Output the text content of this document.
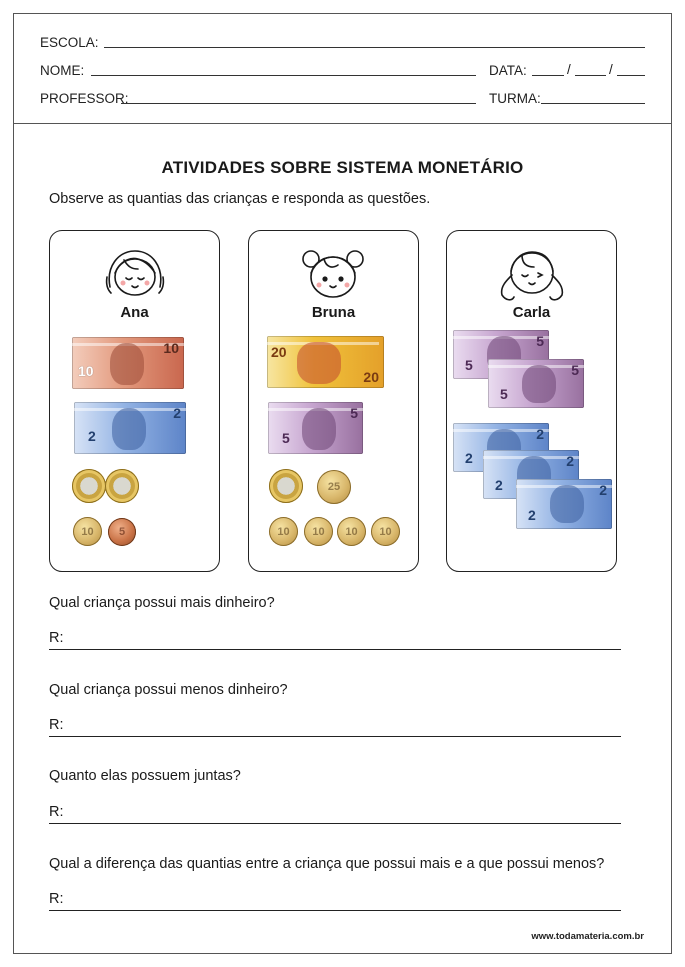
ESCOLA:
NOME:	DATA:	/	/
PROFESSOR:	TURMA:
ATIVIDADES SOBRE SISTEMA MONETÁRIO
Observe as quantias das crianças e responda as questões.
Ana	Bruna	Carla
10
10
2
2
10	5
20
20
5
5
25
10	10	10	10
5
5	5
5
2
2	2
2	2
2
Qual criança possui mais dinheiro?
R:
Qual criança possui menos dinheiro?
R:
Quanto elas possuem juntas?
R:
Qual a diferença das quantias entre a criança que possui mais e a que possui menos?
R:
www.todamateria.com.br
